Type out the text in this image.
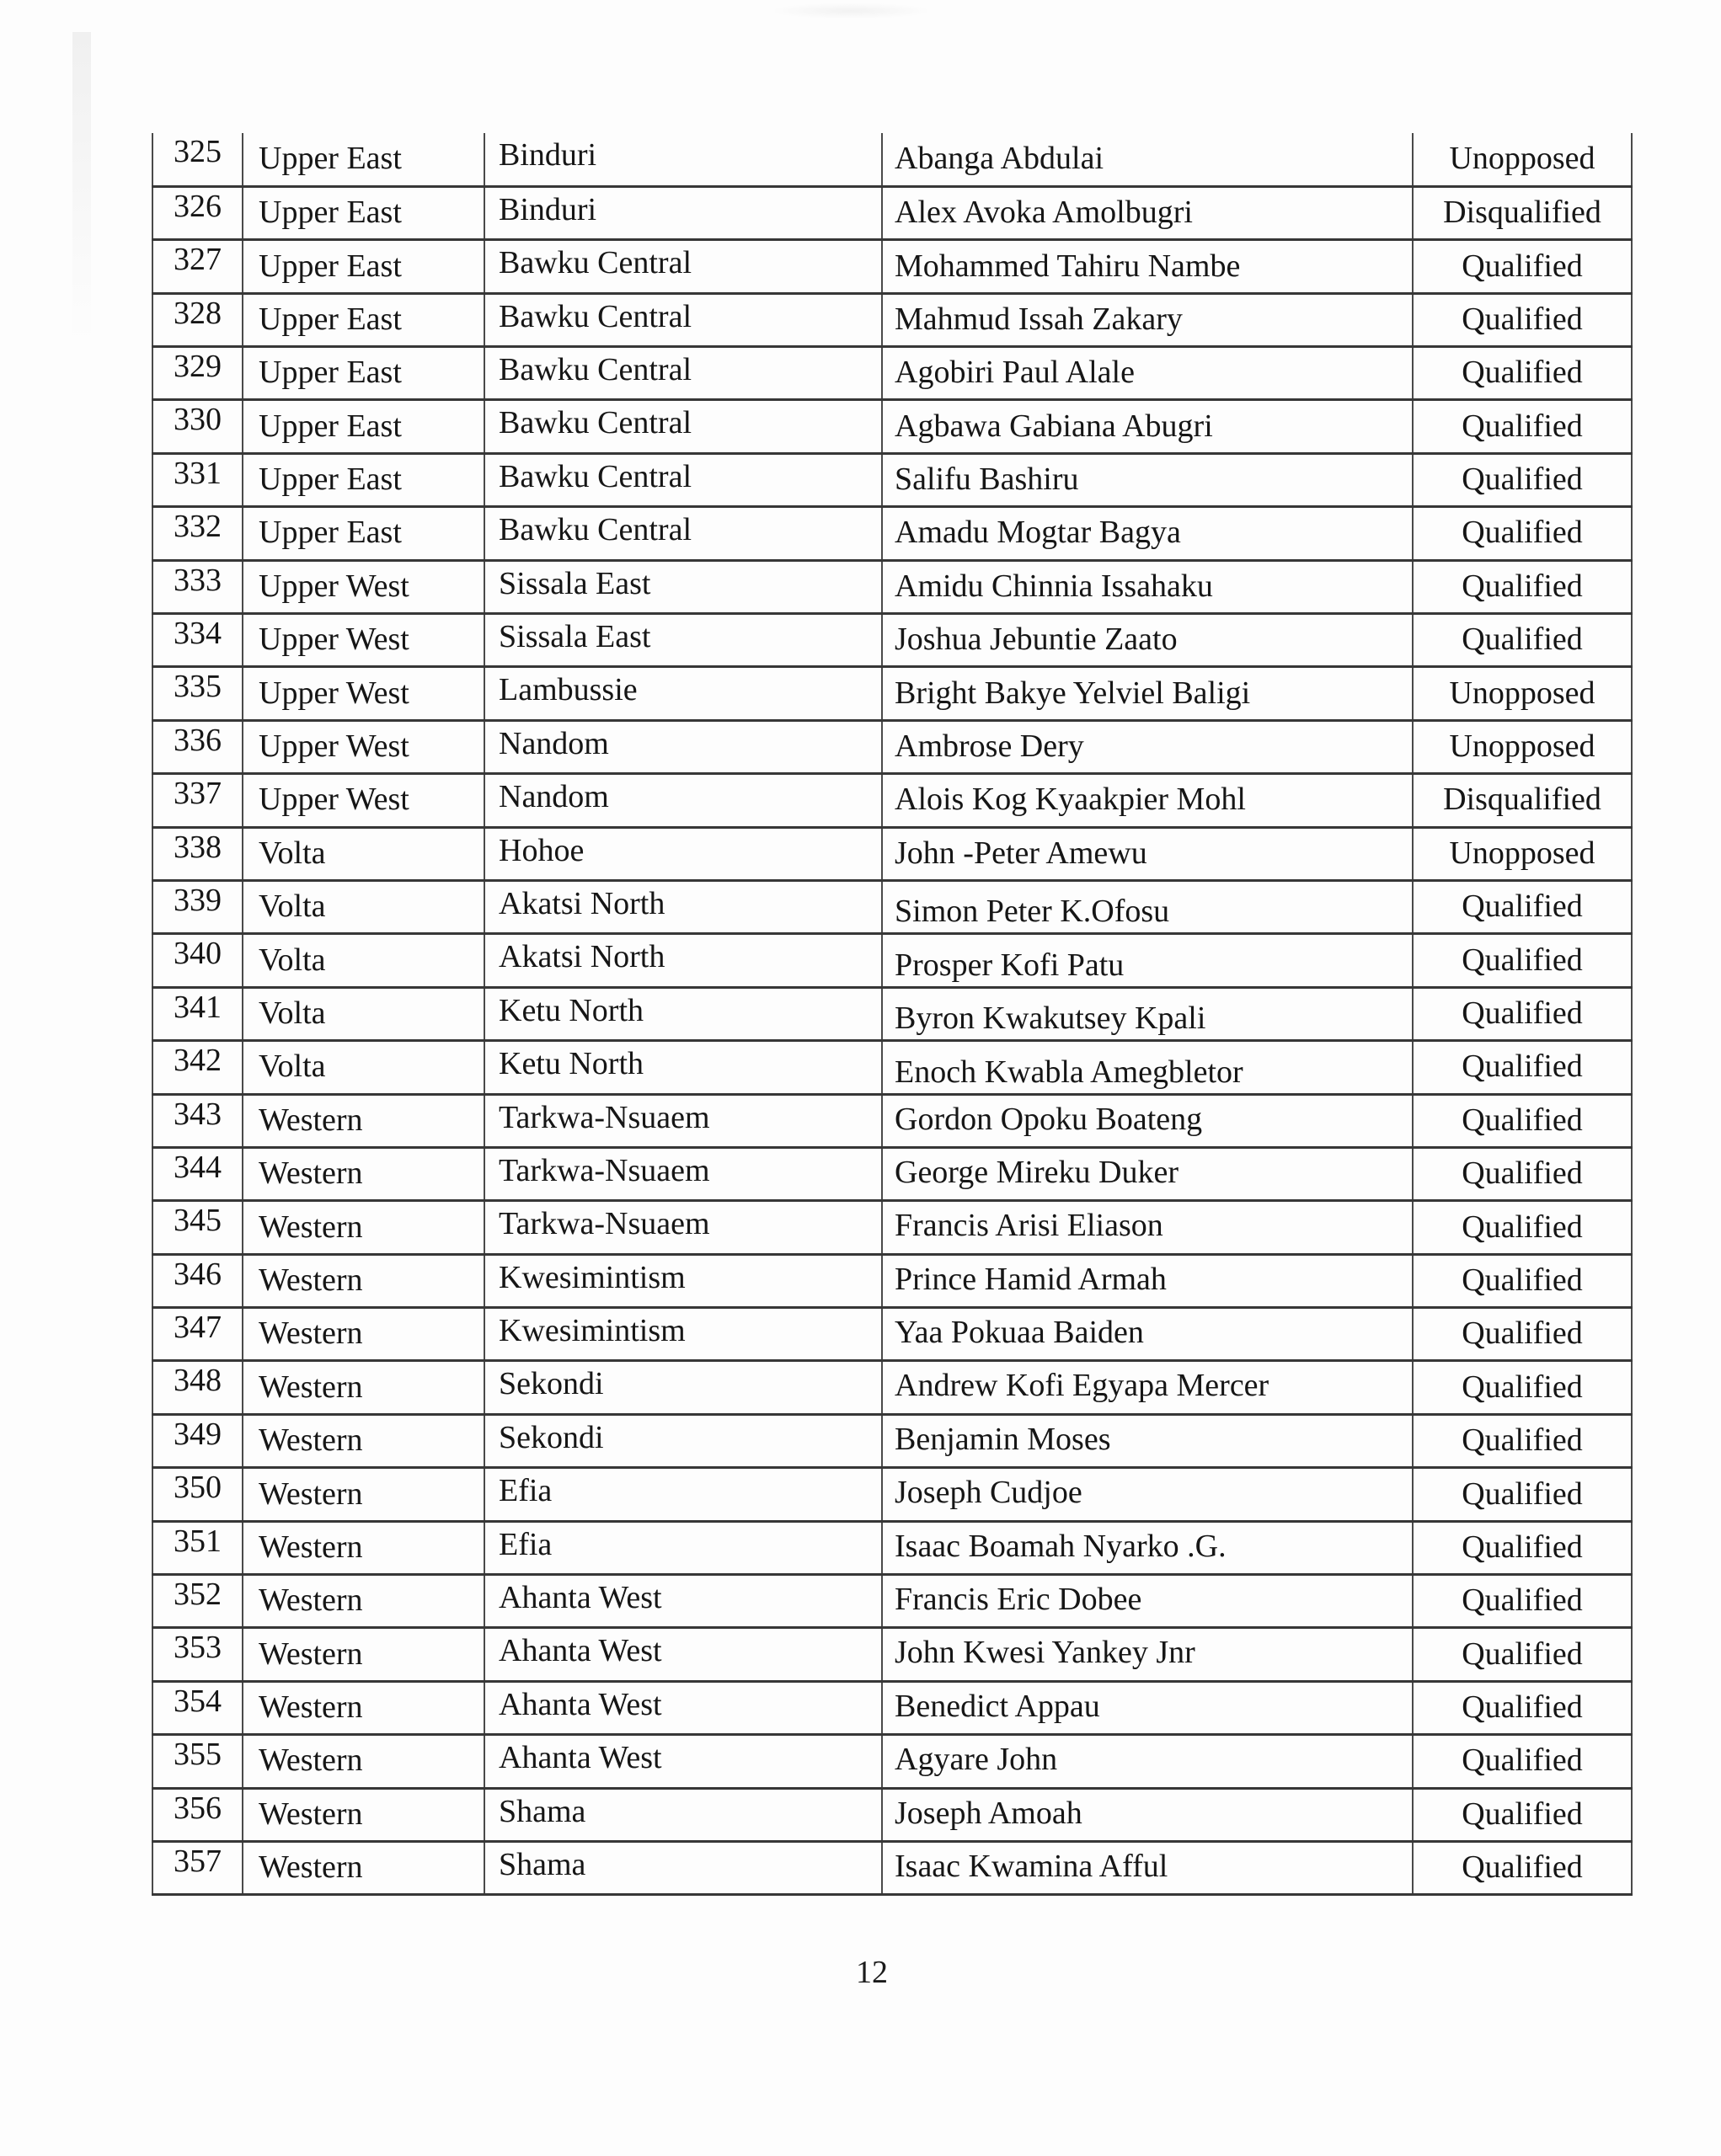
325	Upper East	Binduri	Abanga Abdulai	Unopposed
326	Upper East	Binduri	Alex Avoka Amolbugri	Disqualified
327	Upper East	Bawku Central	Mohammed Tahiru Nambe	Qualified
328	Upper East	Bawku Central	Mahmud Issah Zakary	Qualified
329	Upper East	Bawku Central	Agobiri Paul Alale	Qualified
330	Upper East	Bawku Central	Agbawa Gabiana Abugri	Qualified
331	Upper East	Bawku Central	Salifu Bashiru	Qualified
332	Upper East	Bawku Central	Amadu Mogtar Bagya	Qualified
333	Upper West	Sissala East	Amidu Chinnia Issahaku	Qualified
334	Upper West	Sissala East	Joshua Jebuntie Zaato	Qualified
335	Upper West	Lambussie	Bright Bakye Yelviel Baligi	Unopposed
336	Upper West	Nandom	Ambrose Dery	Unopposed
337	Upper West	Nandom	Alois Kog Kyaakpier Mohl	Disqualified
338	Volta	Hohoe	John -Peter Amewu	Unopposed
339	Volta	Akatsi North	Simon Peter K.Ofosu	Qualified
340	Volta	Akatsi North	Prosper Kofi Patu	Qualified
341	Volta	Ketu North	Byron Kwakutsey Kpali	Qualified
342	Volta	Ketu North	Enoch Kwabla Amegbletor	Qualified
343	Western	Tarkwa-Nsuaem	Gordon Opoku Boateng	Qualified
344	Western	Tarkwa-Nsuaem	George Mireku Duker	Qualified
345	Western	Tarkwa-Nsuaem	Francis Arisi Eliason	Qualified
346	Western	Kwesimintism	Prince Hamid Armah	Qualified
347	Western	Kwesimintism	Yaa Pokuaa Baiden	Qualified
348	Western	Sekondi	Andrew Kofi Egyapa Mercer	Qualified
349	Western	Sekondi	Benjamin Moses	Qualified
350	Western	Efia	Joseph Cudjoe	Qualified
351	Western	Efia	Isaac Boamah Nyarko .G.	Qualified
352	Western	Ahanta West	Francis Eric Dobee	Qualified
353	Western	Ahanta West	John Kwesi Yankey Jnr	Qualified
354	Western	Ahanta West	Benedict Appau	Qualified
355	Western	Ahanta West	Agyare John	Qualified
356	Western	Shama	Joseph Amoah	Qualified
357	Western	Shama	Isaac Kwamina Afful	Qualified
12
